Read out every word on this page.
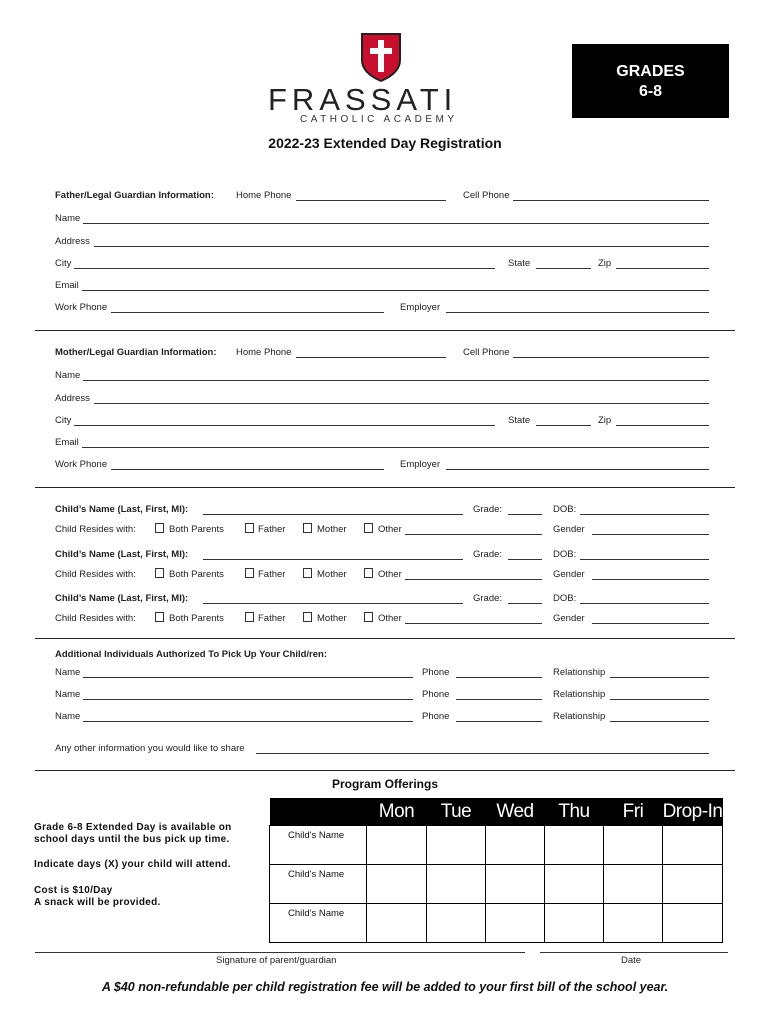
FRASSATI
CATHOLIC ACADEMY
GRADES
6-8
2022-23 Extended Day Registration
Father/Legal Guardian Information: Home Phone	Cell Phone
Name
Address
City	State	Zip
Email
Work Phone	Employer
Mother/Legal Guardian Information: Home Phone	Cell Phone
Name
Address
City	State	Zip
Email
Work Phone	Employer
Child’s Name (Last, First, MI):	Grade:	DOB:
Child Resides with:	Both Parents	Father	Mother	Other	Gender
Child’s Name (Last, First, MI):	Grade:	DOB:
Child Resides with:	Both Parents	Father	Mother	Other	Gender
Child’s Name (Last, First, MI):	Grade:	DOB:
Child Resides with:	Both Parents	Father	Mother	Other	Gender
Additional Individuals Authorized To Pick Up Your Child/ren:
Name	Phone	Relationship
Name	Phone	Relationship
Name	Phone	Relationship
Any other information you would like to share
Program Offerings
Grade 6-8 Extended Day is available on
school days until the bus pick up time.
Indicate days (X) your child will attend.
Cost is $10/Day
A snack will be provided.
	Mon	Tue	Wed	Thu	Fri	Drop-In
Child's Name						
Child's Name						
Child's Name						
Signature of parent/guardian	Date
A $40 non-refundable per child registration fee will be added to your first bill of the school year.
